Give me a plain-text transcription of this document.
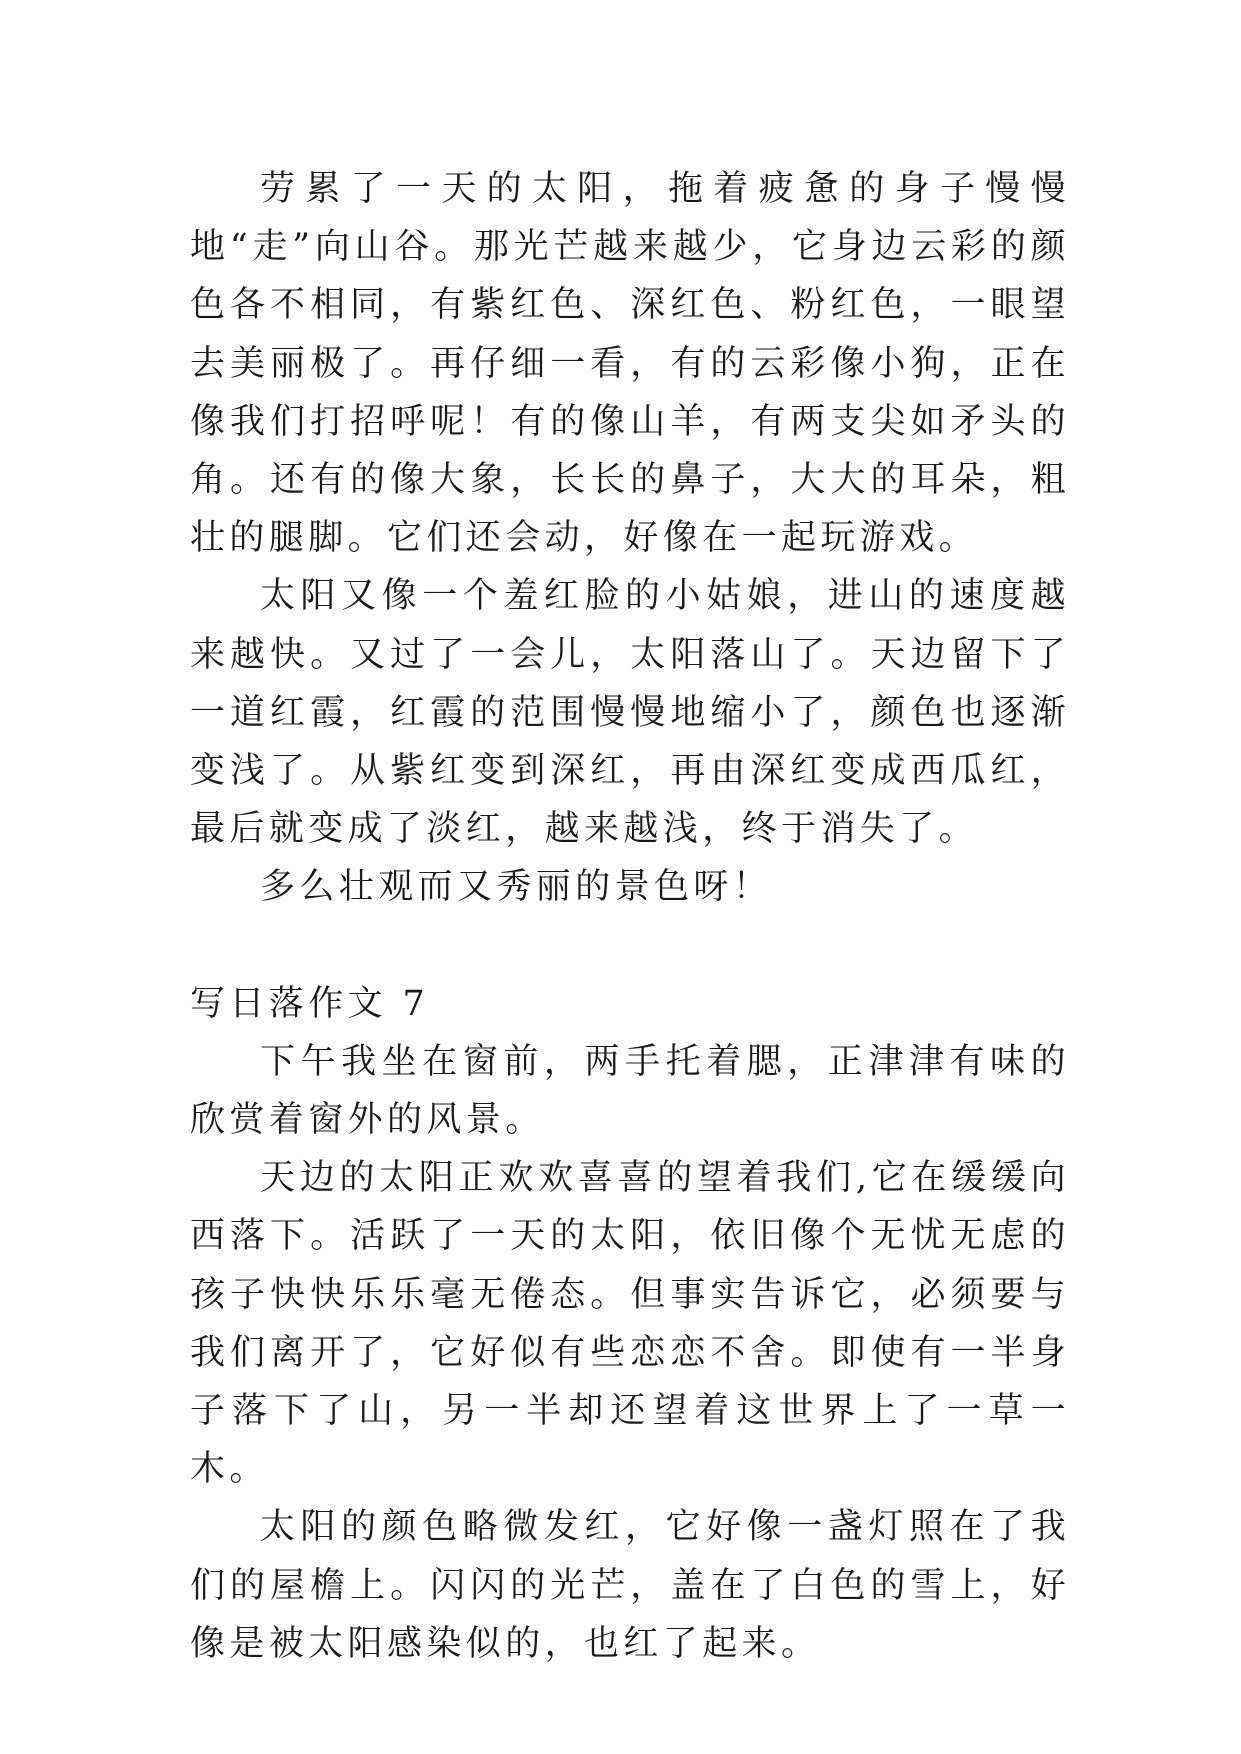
劳累了一天的太阳，拖着疲惫的身子慢慢地“走”向山谷。那光芒越来越少，它身边云彩的颜色各不相同，有紫红色、深红色、粉红色，一眼望去美丽极了。再仔细一看，有的云彩像小狗，正在像我们打招呼呢！有的像山羊，有两支尖如矛头的角。还有的像大象，长长的鼻子，大大的耳朵，粗壮的腿脚。它们还会动，好像在一起玩游戏。

太阳又像一个羞红脸的小姑娘，进山的速度越来越快。又过了一会儿，太阳落山了。天边留下了一道红霞，红霞的范围慢慢地缩小了，颜色也逐渐变浅了。从紫红变到深红，再由深红变成西瓜红，最后就变成了淡红，越来越浅，终于消失了。

多么壮观而又秀丽的景色呀！

写日落作文 7

下午我坐在窗前，两手托着腮，正津津有味的欣赏着窗外的风景。

天边的太阳正欢欢喜喜的望着我们,它在缓缓向西落下。活跃了一天的太阳，依旧像个无忧无虑的孩子快快乐乐毫无倦态。但事实告诉它，必须要与我们离开了，它好似有些恋恋不舍。即使有一半身子落下了山，另一半却还望着这世界上了一草一木。

太阳的颜色略微发红，它好像一盏灯照在了我们的屋檐上。闪闪的光芒，盖在了白色的雪上，好像是被太阳感染似的，也红了起来。
